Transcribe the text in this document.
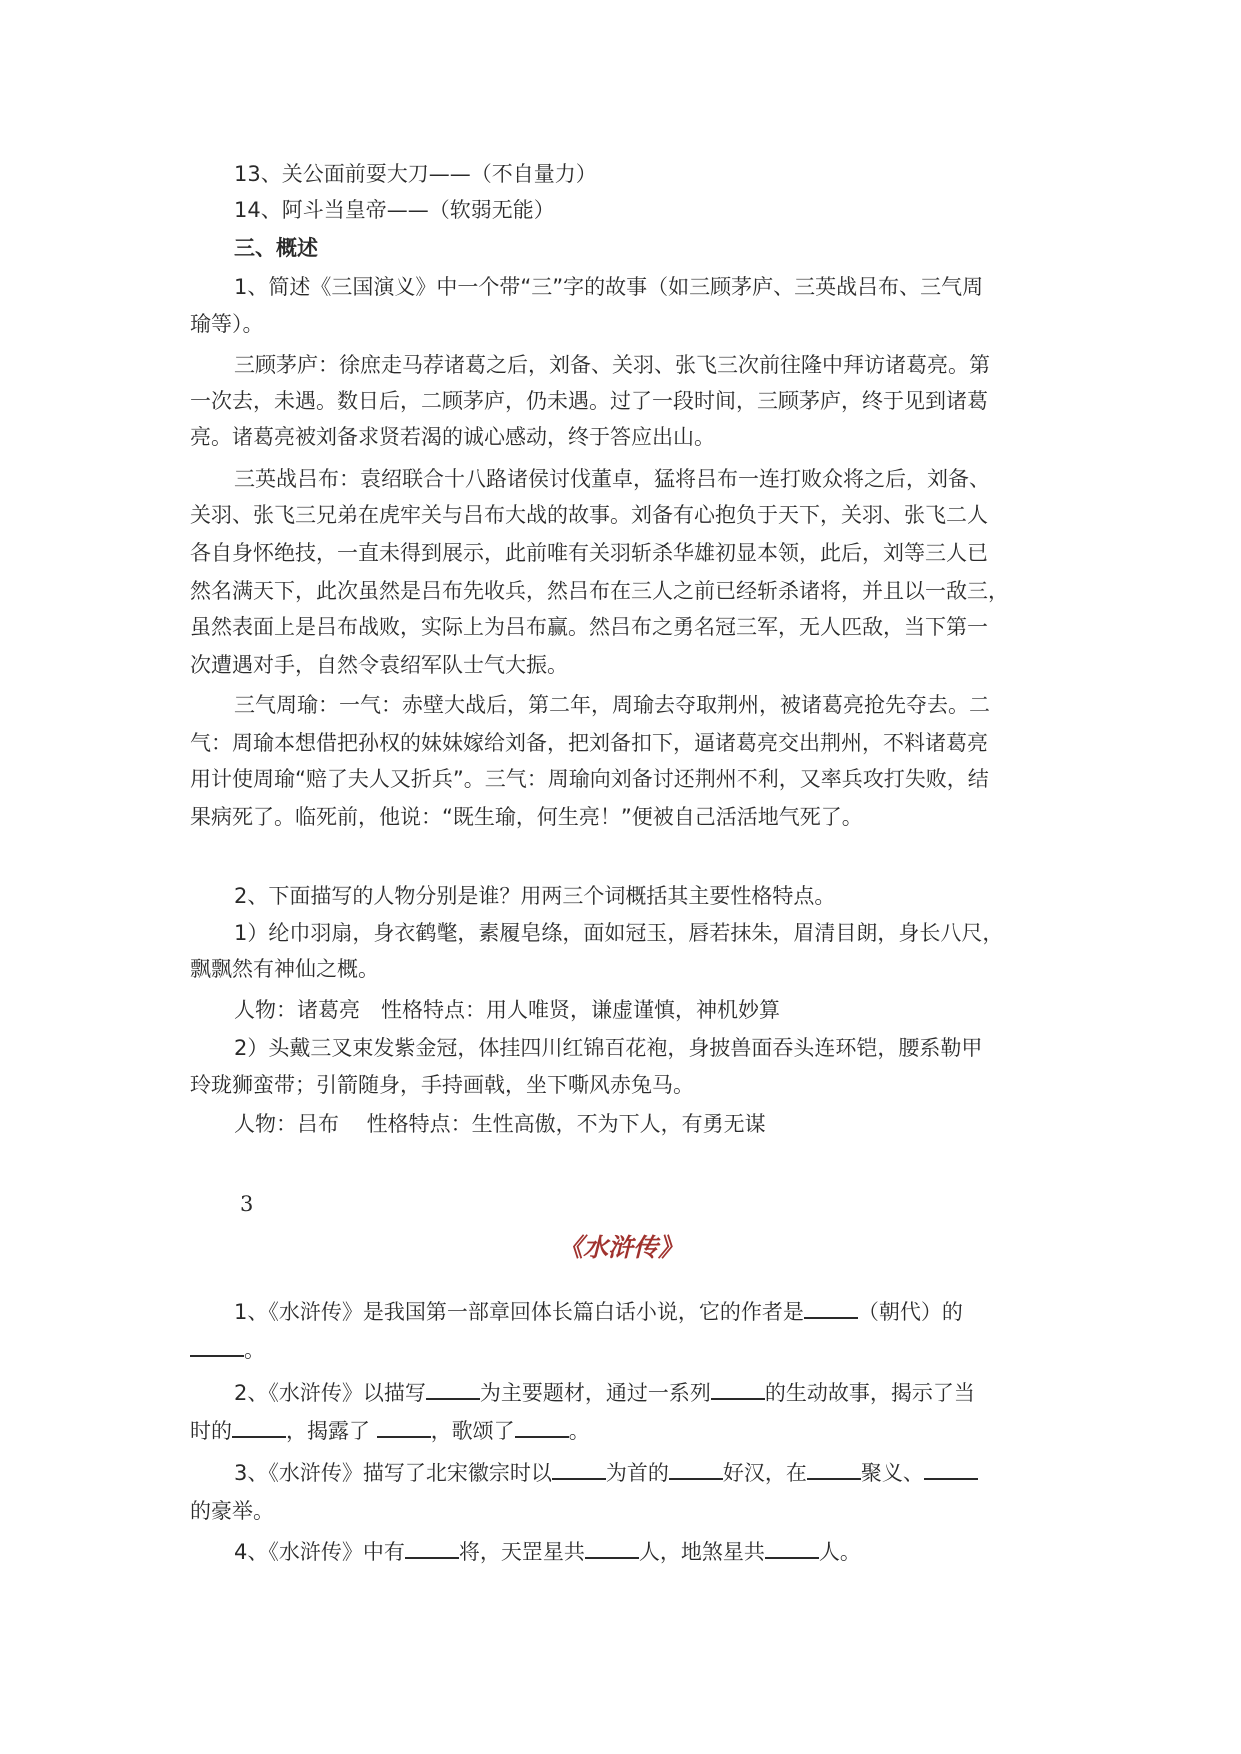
13、关公面前耍大刀——（不自量力）
14、阿斗当皇帝——（软弱无能）
三、概述
1、简述《三国演义》中一个带“三”字的故事（如三顾茅庐、三英战吕布、三气周
瑜等）。
三顾茅庐：徐庶走马荐诸葛之后，刘备、关羽、张飞三次前往隆中拜访诸葛亮。第
一次去，未遇。数日后，二顾茅庐，仍未遇。过了一段时间，三顾茅庐，终于见到诸葛
亮。诸葛亮被刘备求贤若渴的诚心感动，终于答应出山。
三英战吕布：袁绍联合十八路诸侯讨伐董卓，猛将吕布一连打败众将之后，刘备、
关羽、张飞三兄弟在虎牢关与吕布大战的故事。刘备有心抱负于天下，关羽、张飞二人
各自身怀绝技，一直未得到展示，此前唯有关羽斩杀华雄初显本领，此后，刘等三人已
然名满天下，此次虽然是吕布先收兵，然吕布在三人之前已经斩杀诸将，并且以一敌三，
虽然表面上是吕布战败，实际上为吕布赢。然吕布之勇名冠三军，无人匹敌，当下第一
次遭遇对手，自然令袁绍军队士气大振。
三气周瑜：一气：赤壁大战后，第二年，周瑜去夺取荆州，被诸葛亮抢先夺去。二
气：周瑜本想借把孙权的妹妹嫁给刘备，把刘备扣下，逼诸葛亮交出荆州，不料诸葛亮
用计使周瑜“赔了夫人又折兵”。三气：周瑜向刘备讨还荆州不利，又率兵攻打失败，结
果病死了。临死前，他说：“既生瑜，何生亮！”便被自己活活地气死了。
2、下面描写的人物分别是谁？用两三个词概括其主要性格特点。
1）纶巾羽扇，身衣鹤氅，素履皂绦，面如冠玉，唇若抹朱，眉清目朗，身长八尺，
飘飘然有神仙之概。
人物：诸葛亮　性格特点：用人唯贤，谦虚谨慎，神机妙算
2）头戴三叉束发紫金冠，体挂四川红锦百花袍，身披兽面吞头连环铠，腰系勒甲
玲珑狮蛮带；引箭随身，手持画戟，坐下嘶风赤兔马。
人物：吕布　 性格特点：生性高傲，不为下人，有勇无谋
3
《水浒传》
1、《水浒传》是我国第一部章回体长篇白话小说，它的作者是	（朝代）的
。
2、《水浒传》以描写	为主要题材，通过一系列	的生动故事，揭示了当
时的	，揭露了	，歌颂了	。
3、《水浒传》描写了北宋徽宗时以	为首的	好汉，在	聚义、
的豪举。
4、《水浒传》中有	将，天罡星共	人，地煞星共	人。
